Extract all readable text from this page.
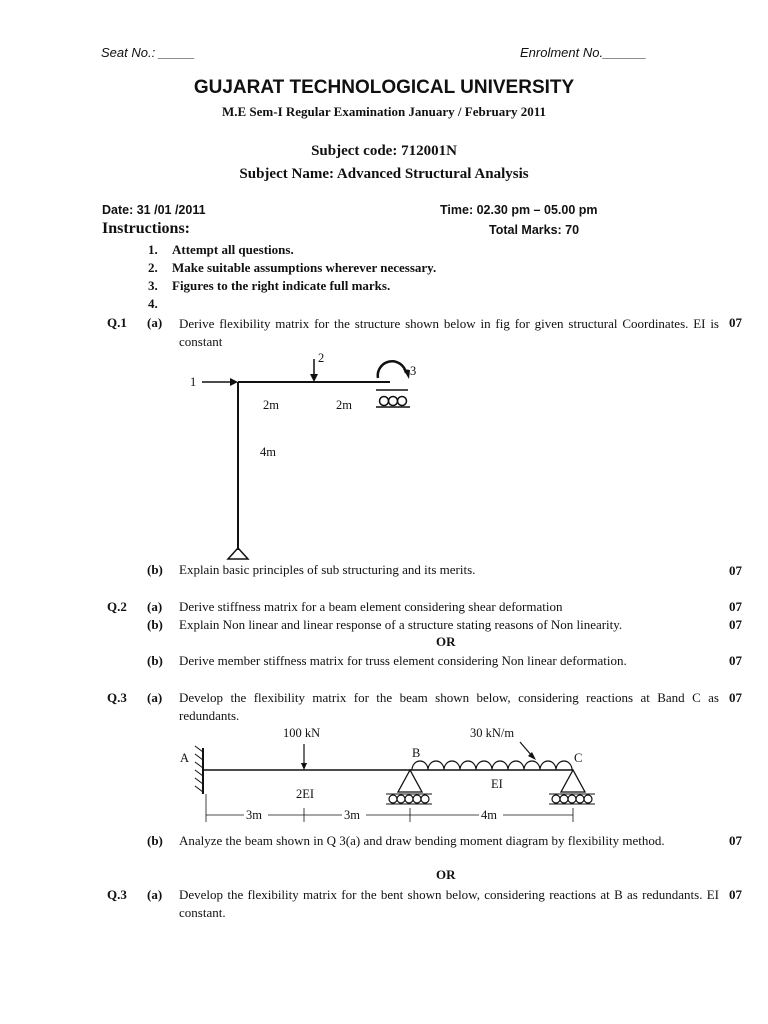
Seat No.: _____	Enrolment No.______
GUJARAT TECHNOLOGICAL UNIVERSITY
M.E Sem-I Regular Examination January / February 2011
Subject code: 712001N
Subject Name: Advanced Structural Analysis
Date: 31 /01 /2011	Time: 02.30 pm – 05.00 pm
Instructions:	Total Marks: 70
1. Attempt all questions.
2. Make suitable assumptions wherever necessary.
3. Figures to the right indicate full marks.
4.
Q.1 (a) Derive flexibility matrix for the structure shown below in fig for given structural Coordinates. EI is constant
07
1
2
3
2m	2m
4m
(b) Explain basic principles of sub structuring and its merits.	07
Q.2 (a) Derive stiffness matrix for a beam element considering shear deformation	07
(b) Explain Non linear and linear response of a structure stating reasons of Non linearity.	07
OR
(b) Derive member stiffness matrix for truss element considering Non linear deformation.	07
Q.3 (a) Develop the flexibility matrix for the beam shown below, considering reactions at Band C as redundants.
07
A
100 kN
B
30 kN/m
EI
C
2EI
3m	3m	4m
(b) Analyze the beam shown in Q 3(a) and draw bending moment diagram by flexibility method.	07
OR
Q.3 (a) Develop the flexibility matrix for the bent shown below, considering reactions at B as redundants. EI constant.
07
